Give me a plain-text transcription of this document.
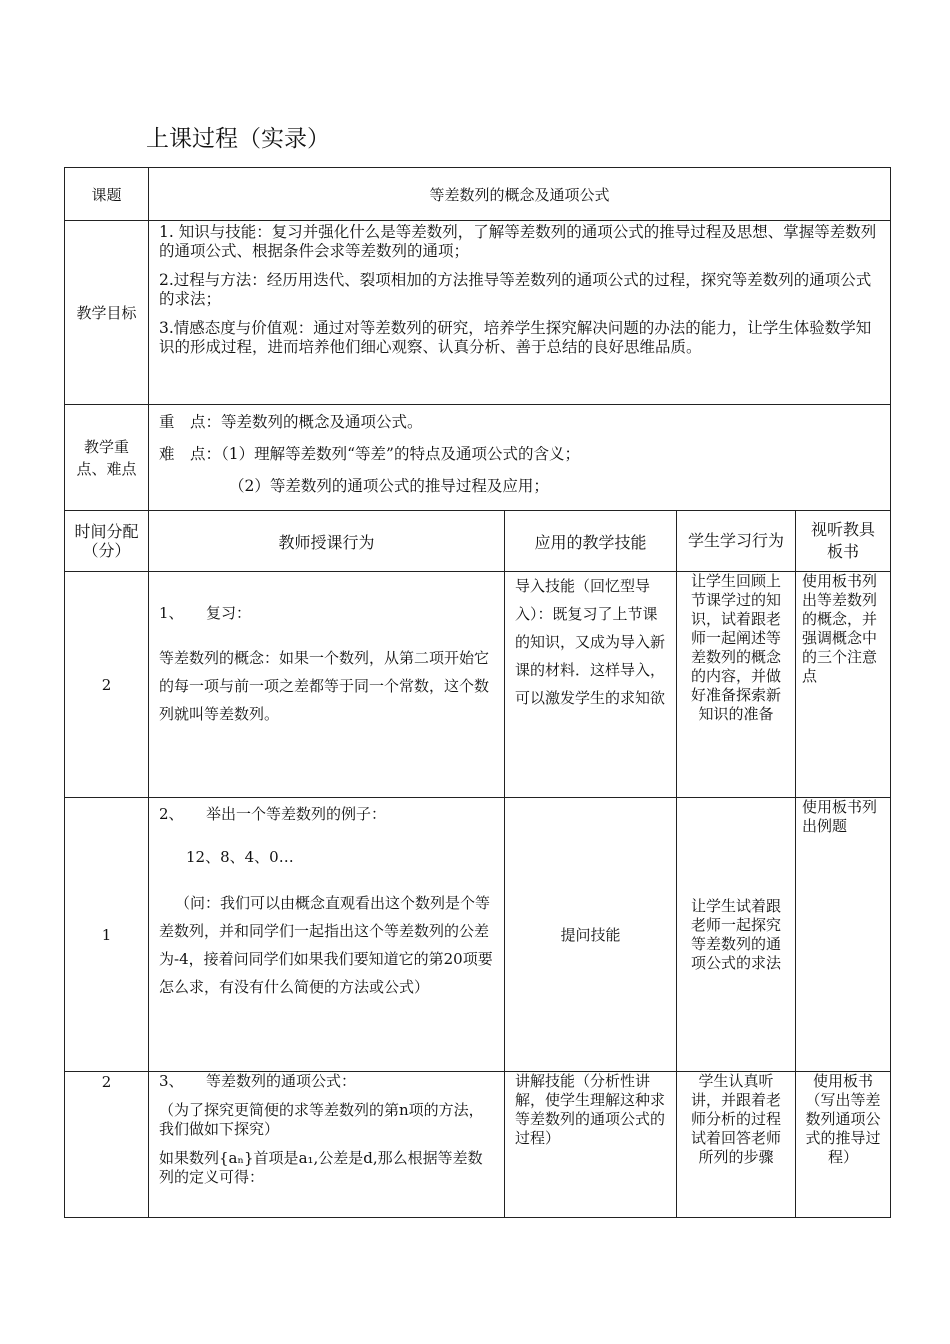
上课过程（实录）
课题	等差数列的概念及通项公式			
教学目标	1. 知识与技能：复习并强化什么是等差数列，了解等差数列的通项公式的推导过程及思想、掌握等差数列的通项公式、根据条件会求等差数列的通项；
2.过程与方法：经历用迭代、裂项相加的方法推导等差数列的通项公式的过程，探究等差数列的通项公式的求法；
3.情感态度与价值观：通过对等差数列的研究，培养学生探究解决问题的办法的能力，让学生体验数学知识的形成过程，进而培养他们细心观察、认真分析、善于总结的良好思维品质。			

教学重点、难点	重　点：等差数列的概念及通项公式。
难　点：（1）理解等差数列“等差”的特点及通项公式的含义；
（2）等差数列的通项公式的推导过程及应用；			

时间分配（分）	教师授课行为	应用的教学技能	学生学习行为	视听教具板书
2	1、　　复习：
等差数列的概念：如果一个数列，从第二项开始它的每一项与前一项之差都等于同一个常数，这个数列就叫等差数列。	导入技能（回忆型导入）：既复习了上节课的知识，又成为导入新课的材料．这样导入，可以激发学生的求知欲	让学生回顾上节课学过的知识，试着跟老师一起阐述等差数列的概念的内容，并做好准备探索新知识的准备	使用板书列出等差数列的概念，并强调概念中的三个注意点
1	2、　　举出一个等差数列的例子：
12、8、4、0…
（问：我们可以由概念直观看出这个数列是个等差数列，并和同学们一起指出这个等差数列的公差为-4，接着问同学们如果我们要知道它的第20项要怎么求，有没有什么简便的方法或公式）	提问技能	让学生试着跟老师一起探究等差数列的通项公式的求法	使用板书列出例题
2	3、　　等差数列的通项公式：
（为了探究更简便的求等差数列的第n项的方法，我们做如下探究）
如果数列{aₙ}首项是a₁,公差是d,那么根据等差数列的定义可得：	讲解技能（分析性讲解，使学生理解这种求等差数列的通项公式的过程）	学生认真听讲，并跟着老师分析的过程试着回答老师所列的步骤	使用板书（写出等差数列通项公式的推导过程）
